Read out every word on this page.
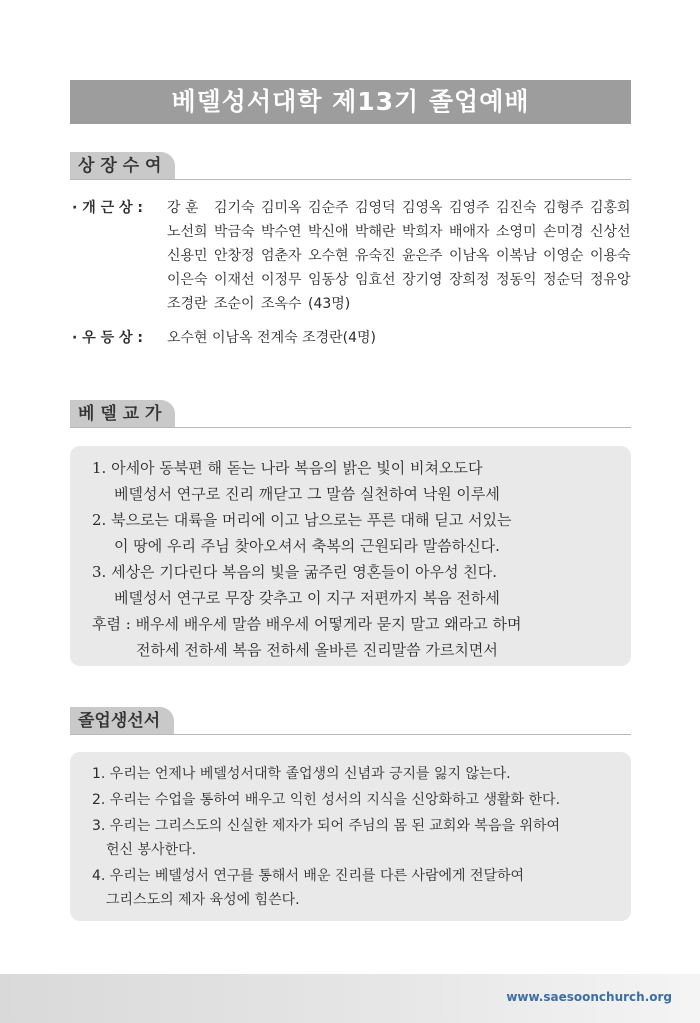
베델성서대학 제13기 졸업예배
상 장 수 여
· 개 근 상 :	강 훈	김기숙 김미옥 김순주 김영덕 김영옥 김영주 김진숙 김형주 김홍희
노선희 박금숙 박수연 박신애 박해란 박희자 배애자 소영미 손미경 신상선
신용민 안창정 엄춘자 오수현 유숙진 윤은주 이남옥 이복남 이영순 이용숙
이은숙 이재선 이정무 임동상 임효선 장기영 장희정 정동익 정순덕 정유앙
조경란 조순이 조옥수 (43명)
· 우 등 상 :	오수현 이남옥 전계숙 조경란(4명)
베 델 교 가
1. 아세아 동북편 해 돋는 나라 복음의 밝은 빛이 비쳐오도다
베델성서 연구로 진리 깨닫고 그 말씀 실천하여 낙원 이루세
2. 북으로는 대륙을 머리에 이고 남으로는 푸른 대해 딛고 서있는
이 땅에 우리 주님 찾아오셔서 축복의 근원되라 말씀하신다.
3. 세상은 기다린다 복음의 빛을 굶주린 영혼들이 아우성 친다.
베델성서 연구로 무장 갖추고 이 지구 저편까지 복음 전하세
후렴 : 배우세 배우세 말씀 배우세 어떻게라 묻지 말고 왜라고 하며
전하세 전하세 복음 전하세 올바른 진리말씀 가르치면서
졸업생선서
1. 우리는 언제나 베델성서대학 졸업생의 신념과 긍지를 잃지 않는다.
2. 우리는 수업을 통하여 배우고 익힌 성서의 지식을 신앙화하고 생활화 한다.
3. 우리는 그리스도의 신실한 제자가 되어 주님의 몸 된 교회와 복음을 위하여
헌신 봉사한다.
4. 우리는 베델성서 연구를 통해서 배운 진리를 다른 사람에게 전달하여
그리스도의 제자 육성에 힘쓴다.
www.saesoonchurch.org
